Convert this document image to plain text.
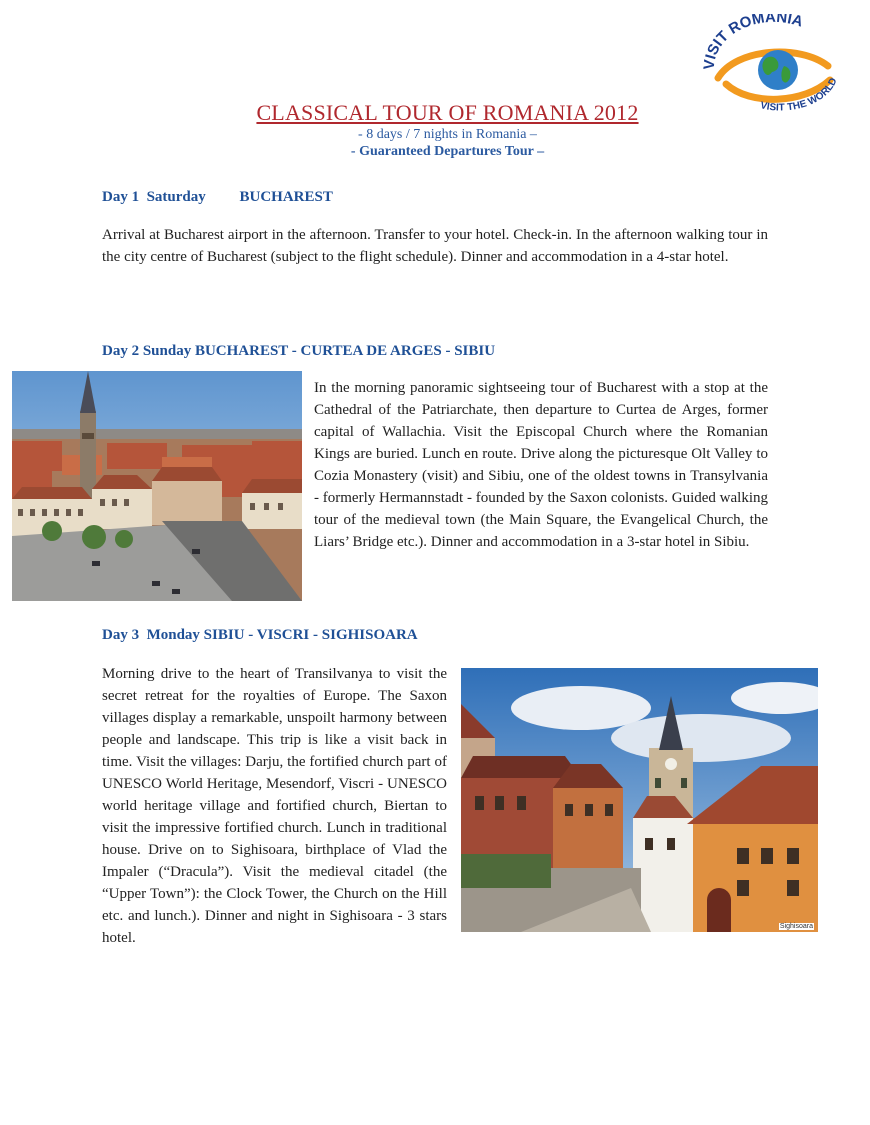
VISIT ROMANIA
VISIT THE WORLD
CLASSICAL TOUR OF ROMANIA 2012
- 8 days / 7 nights in Romania –
- Guaranteed Departures Tour –
Day 1  Saturday         BUCHAREST
Arrival at Bucharest airport in the afternoon. Transfer to your hotel. Check-in. In the afternoon walking tour in the city centre of Bucharest (subject to the flight schedule). Dinner and accommodation in a 4-star hotel.
Day 2 Sunday BUCHAREST - CURTEA DE ARGES - SIBIU
In the morning panoramic sightseeing tour of Bucharest with a stop at the Cathedral of the Patriarchate, then departure to Curtea de Arges, former capital of Wallachia. Visit the Episcopal Church where the Romanian Kings are buried. Lunch en route. Drive along the picturesque Olt Valley to Cozia Monastery (visit) and Sibiu, one of the oldest towns in Transylvania - formerly Hermannstadt - founded by the Saxon colonists. Guided walking tour of the medieval town (the Main Square, the Evangelical Church, the Liars’ Bridge etc.). Dinner and accommodation in a 3-star hotel in Sibiu.
Day 3  Monday SIBIU - VISCRI - SIGHISOARA
Morning drive to the heart of Transilvanya to visit the secret retreat for the royalties of Europe. The Saxon villages display a remarkable, unspoilt harmony between people and landscape. This trip is like a visit back in time. Visit the villages: Darju, the fortified church part of UNESCO World Heritage, Mesendorf, Viscri - UNESCO world heritage village and fortified church, Biertan to visit the impressive fortified church. Lunch in traditional house. Drive on to Sighisoara, birthplace of Vlad the Impaler (“Dracula”). Visit the medieval citadel (the “Upper Town”): the Clock Tower, the Church on the Hill etc. and lunch.). Dinner and night in Sighisoara - 3 stars hotel.
Sighisoara
